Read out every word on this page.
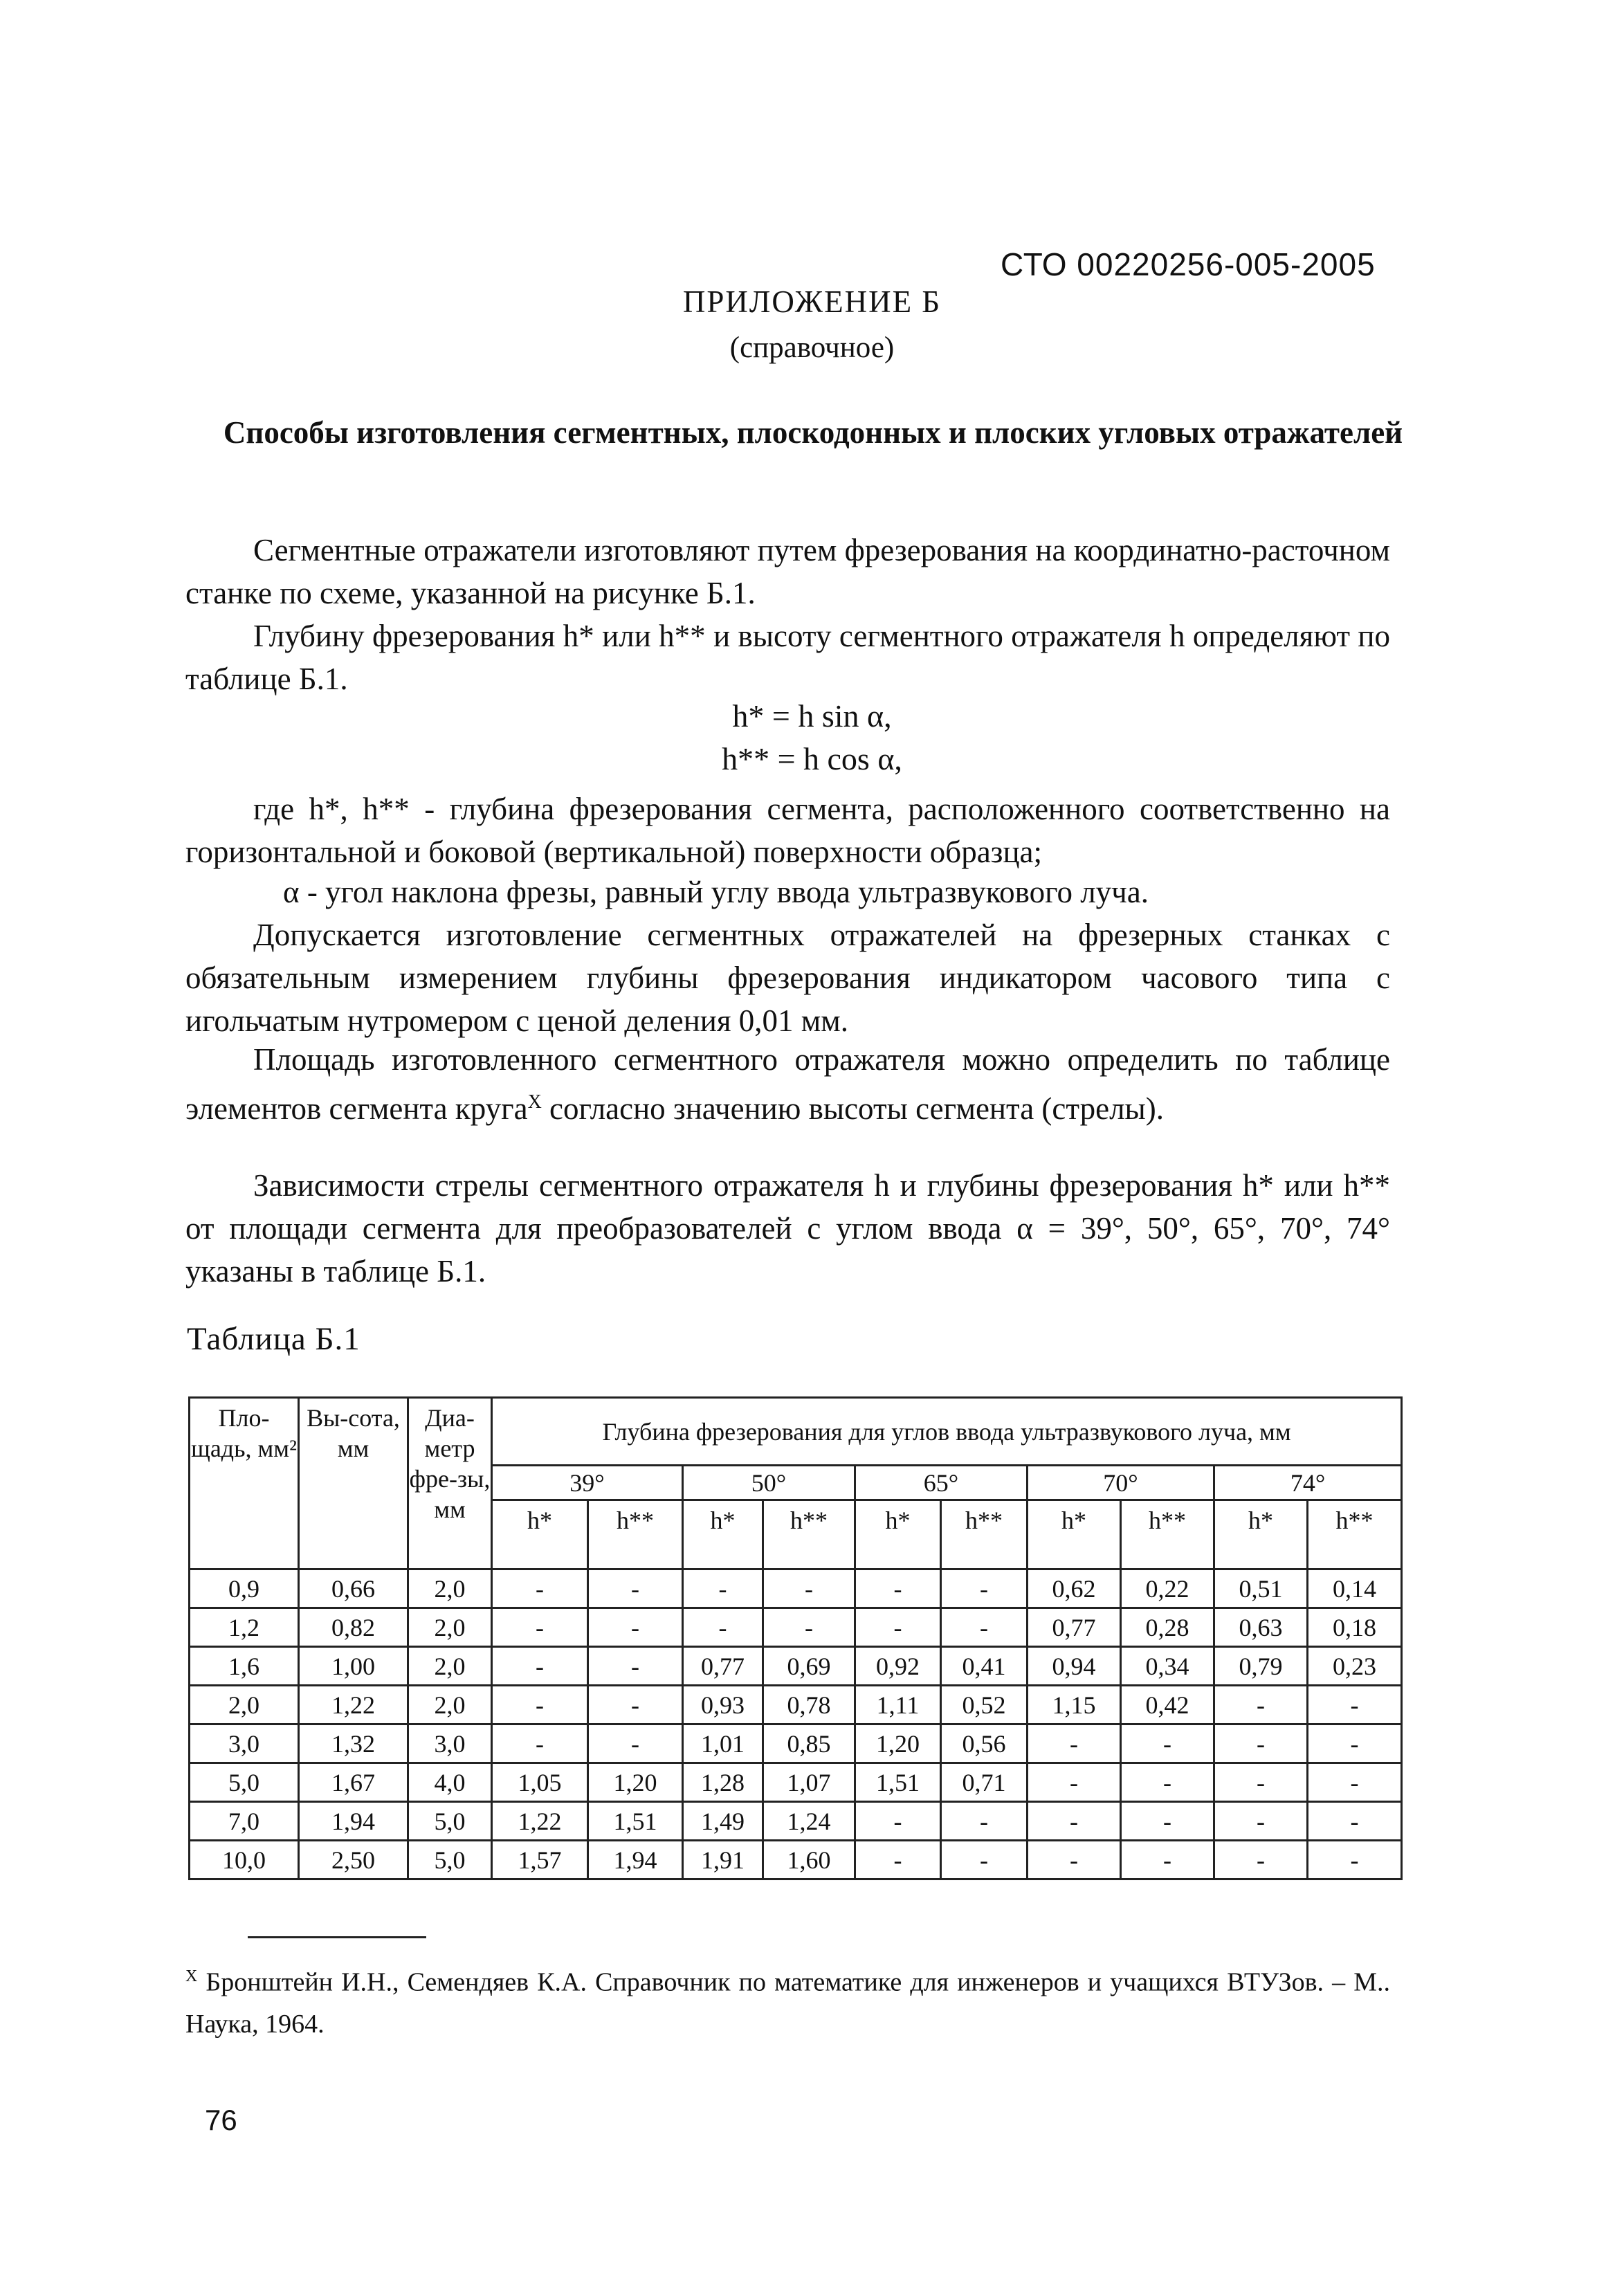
СТО 00220256-005-2005
ПРИЛОЖЕНИЕ Б
(справочное)
Способы изготовления сегментных, плоскодонных и плоских угловых отражателей
Сегментные отражатели изготовляют путем фрезерования на координатно-расточном станке по схеме, указанной на рисунке Б.1.
Глубину фрезерования h* или h** и высоту сегментного отражателя h определяют по таблице Б.1.
h* = h sin α,
h** = h cos α,
где h*, h** - глубина фрезерования сегмента, расположенного соответственно на горизонтальной и боковой (вертикальной) поверхности образца;
α - угол наклона фрезы, равный углу ввода ультразвукового луча.
Допускается изготовление сегментных отражателей на фрезерных станках с обязательным измерением глубины фрезерования индикатором часового типа с игольчатым нутромером с ценой деления 0,01 мм.
Площадь изготовленного сегментного отражателя можно определить по таблице элементов сегмента круга$^X$ согласно значению высоты сегмента (стрелы).
Зависимости стрелы сегментного отражателя h и глубины фрезерования h* или h** от площади сегмента для преобразователей с углом ввода α = 39°, 50°, 65°, 70°, 74° указаны в таблице Б.1.
Таблица Б.1
Пло-щадь, мм²	Вы-сота, мм	Диа-метр фре-зы, мм	Глубина фрезерования для углов ввода ультразвукового луча, мм									
			39°		50°		65°		70°		74°	
			h*	h**	h*	h**	h*	h**	h*	h**	h*	h**
0,9	0,66	2,0	-	-	-	-	-	-	0,62	0,22	0,51	0,14
1,2	0,82	2,0	-	-	-	-	-	-	0,77	0,28	0,63	0,18
1,6	1,00	2,0	-	-	0,77	0,69	0,92	0,41	0,94	0,34	0,79	0,23
2,0	1,22	2,0	-	-	0,93	0,78	1,11	0,52	1,15	0,42	-	-
3,0	1,32	3,0	-	-	1,01	0,85	1,20	0,56	-	-	-	-
5,0	1,67	4,0	1,05	1,20	1,28	1,07	1,51	0,71	-	-	-	-
7,0	1,94	5,0	1,22	1,51	1,49	1,24	-	-	-	-	-	-
10,0	2,50	5,0	1,57	1,94	1,91	1,60	-	-	-	-	-	-
$^X$ Бронштейн И.Н., Семендяев К.А. Справочник по математике для инженеров и учащихся ВТУЗов. – М.. Наука, 1964.
76
